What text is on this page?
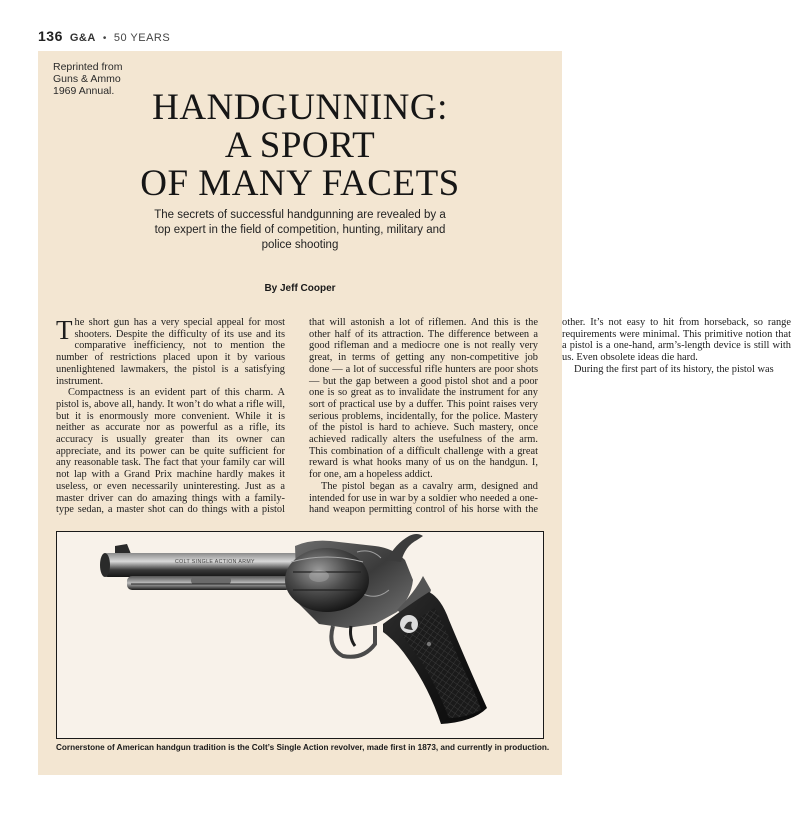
136 G&A • 50 YEARS
Reprinted from Guns & Ammo 1969 Annual.	HANDGUNNING:
A SPORT
OF MANY FACETS
The secrets of successful handgunning are revealed by a top expert in the field of competition, hunting, military and police shooting
By Jeff Cooper

The short gun has a very special appeal for most shooters. Despite the difficulty of its use and its comparative inefficiency, not to mention the number of restrictions placed upon it by various unenlightened lawmakers, the pistol is a satisfying instrument.

Compactness is an evident part of this charm. A pistol is, above all, handy. It won’t do what a rifle will, but it is enormously more convenient. While it is neither as accurate nor as powerful as a rifle, its accuracy is usually greater than its owner can appreciate, and its power can be quite sufficient for any reasonable task. The fact that your family car will not lap with a Grand Prix machine hardly makes it useless, or even necessarily uninteresting. Just as a master driver can do amazing things with a family-type sedan, a master shot can do things with a pistol that will astonish a lot of riflemen. And this is the other half of its attraction. The difference between a good rifleman and a mediocre one is not really very great, in terms of getting any non-competitive job done — a lot of successful rifle hunters are poor shots — but the gap between a good pistol shot and a poor one is so great as to invalidate the instrument for any sort of practical use by a duffer. This point raises very serious problems, incidentally, for the police. Mastery of the pistol is hard to achieve. Such mastery, once achieved radically alters the usefulness of the arm. This combination of a difficult challenge with a great reward is what hooks many of us on the handgun. I, for one, am a hopeless addict.

The pistol began as a cavalry arm, designed and intended for use in war by a soldier who needed a one-hand weapon permitting control of his horse with the other. It’s not easy to hit from horseback, so range requirements were minimal. This primitive notion that a pistol is a one-hand, arm’s-length device is still with us. Even obsolete ideas die hard.

During the first part of its history, the pistol was

COLT SINGLE ACTION ARMY
Cornerstone of American handgun tradition is the Colt’s Single Action revolver, made first in 1873, and currently in production.
